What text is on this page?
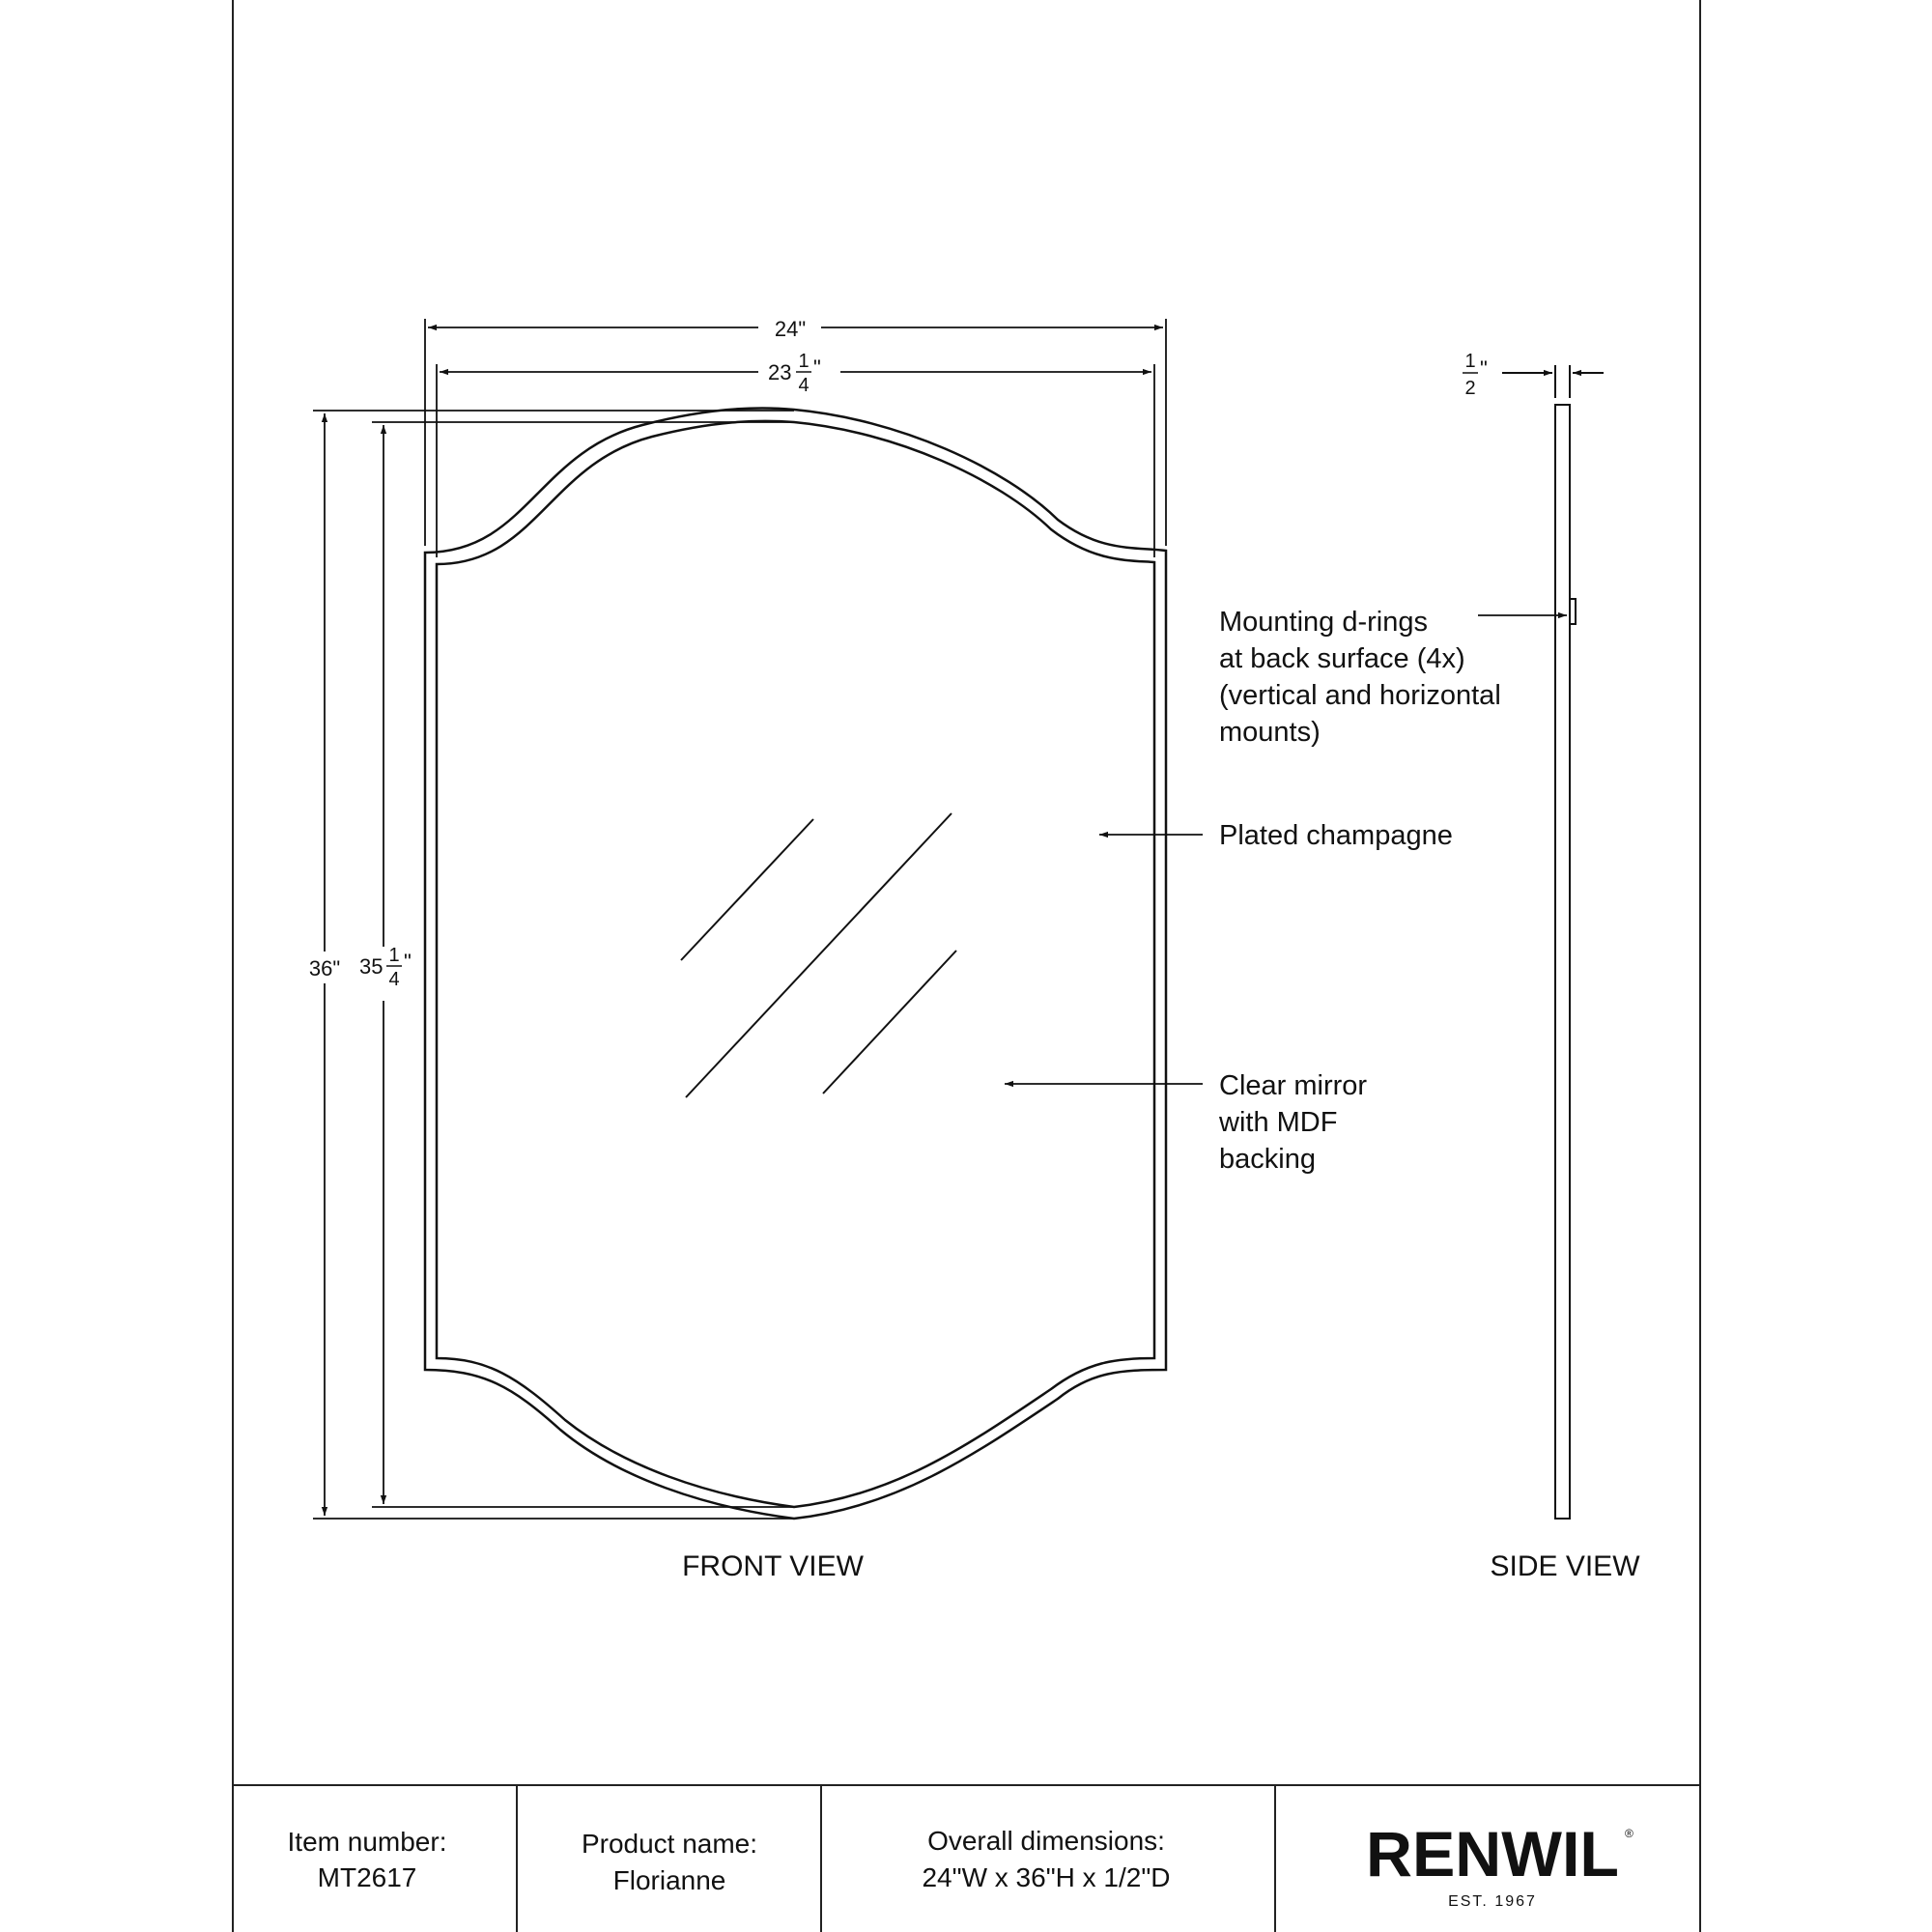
24"
23 1
4
"
36" 35 1
4
"
Mounting d-rings at back surface (4x) (vertical and horizontal mounts)
Plated champagne
Clear mirror with MDF backing
1
2
"
FRONT VIEW	SIDE VIEW
Item number:
MT2617
Product name:
Florianne
Overall dimensions:
24"W x 36"H x 1/2"D	RENWIL ®
EST. 1967
